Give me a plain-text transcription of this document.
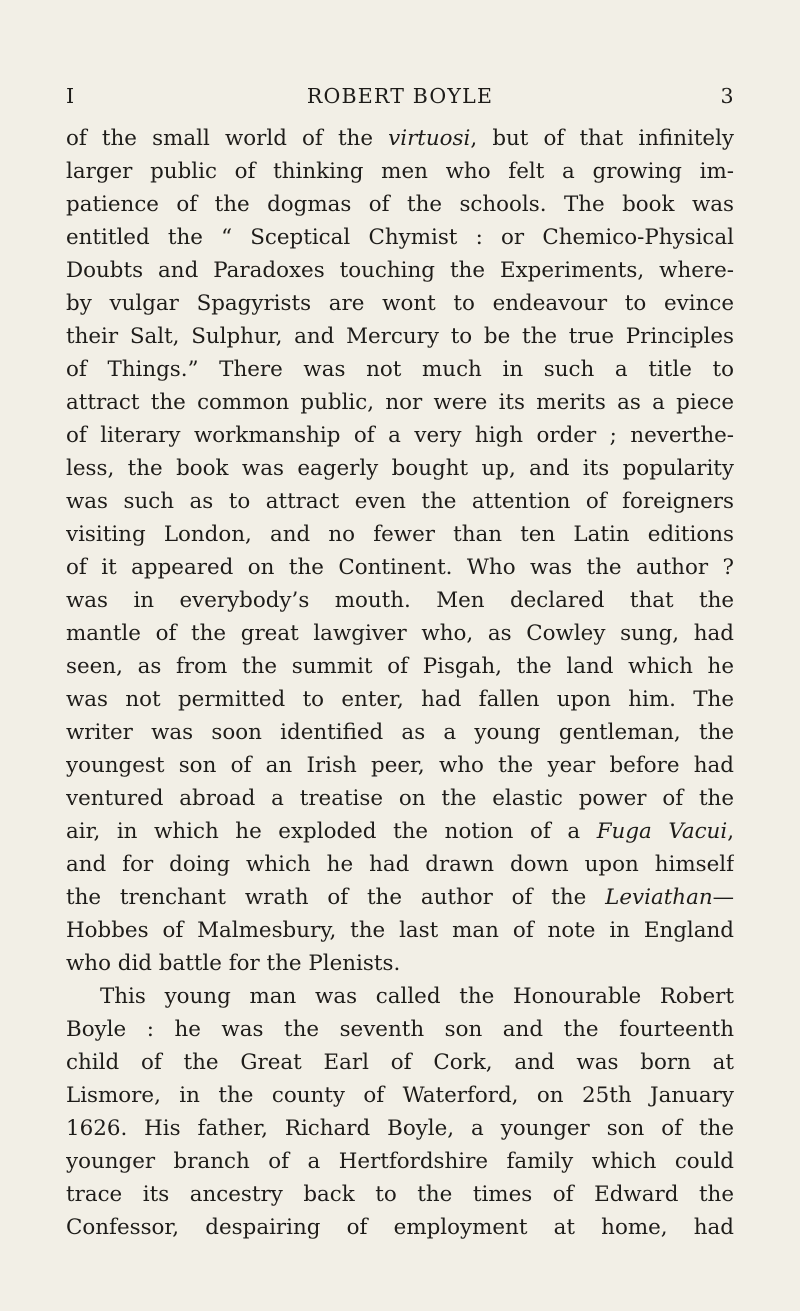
I	ROBERT BOYLE	3
of the small world of the virtuosi, but of that infinitely
larger public of thinking men who felt a growing im-
patience of the dogmas of the schools. The book was
entitled the “ Sceptical Chymist : or Chemico-Physical
Doubts and Paradoxes touching the Experiments, where-
by vulgar Spagyrists are wont to endeavour to evince
their Salt, Sulphur, and Mercury to be the true Principles
of Things.” There was not much in such a title to
attract the common public, nor were its merits as a piece
of literary workmanship of a very high order ; neverthe-
less, the book was eagerly bought up, and its popularity
was such as to attract even the attention of foreigners
visiting London, and no fewer than ten Latin editions
of it appeared on the Continent. Who was the author ?
was in everybody’s mouth. Men declared that the
mantle of the great lawgiver who, as Cowley sung, had
seen, as from the summit of Pisgah, the land which he
was not permitted to enter, had fallen upon him. The
writer was soon identified as a young gentleman, the
youngest son of an Irish peer, who the year before had
ventured abroad a treatise on the elastic power of the
air, in which he exploded the notion of a Fuga Vacui,
and for doing which he had drawn down upon himself
the trenchant wrath of the author of the Leviathan—
Hobbes of Malmesbury, the last man of note in England
who did battle for the Plenists.
This young man was called the Honourable Robert
Boyle : he was the seventh son and the fourteenth
child of the Great Earl of Cork, and was born at
Lismore, in the county of Waterford, on 25th January
1626. His father, Richard Boyle, a younger son of the
younger branch of a Hertfordshire family which could
trace its ancestry back to the times of Edward the
Confessor, despairing of employment at home, had
